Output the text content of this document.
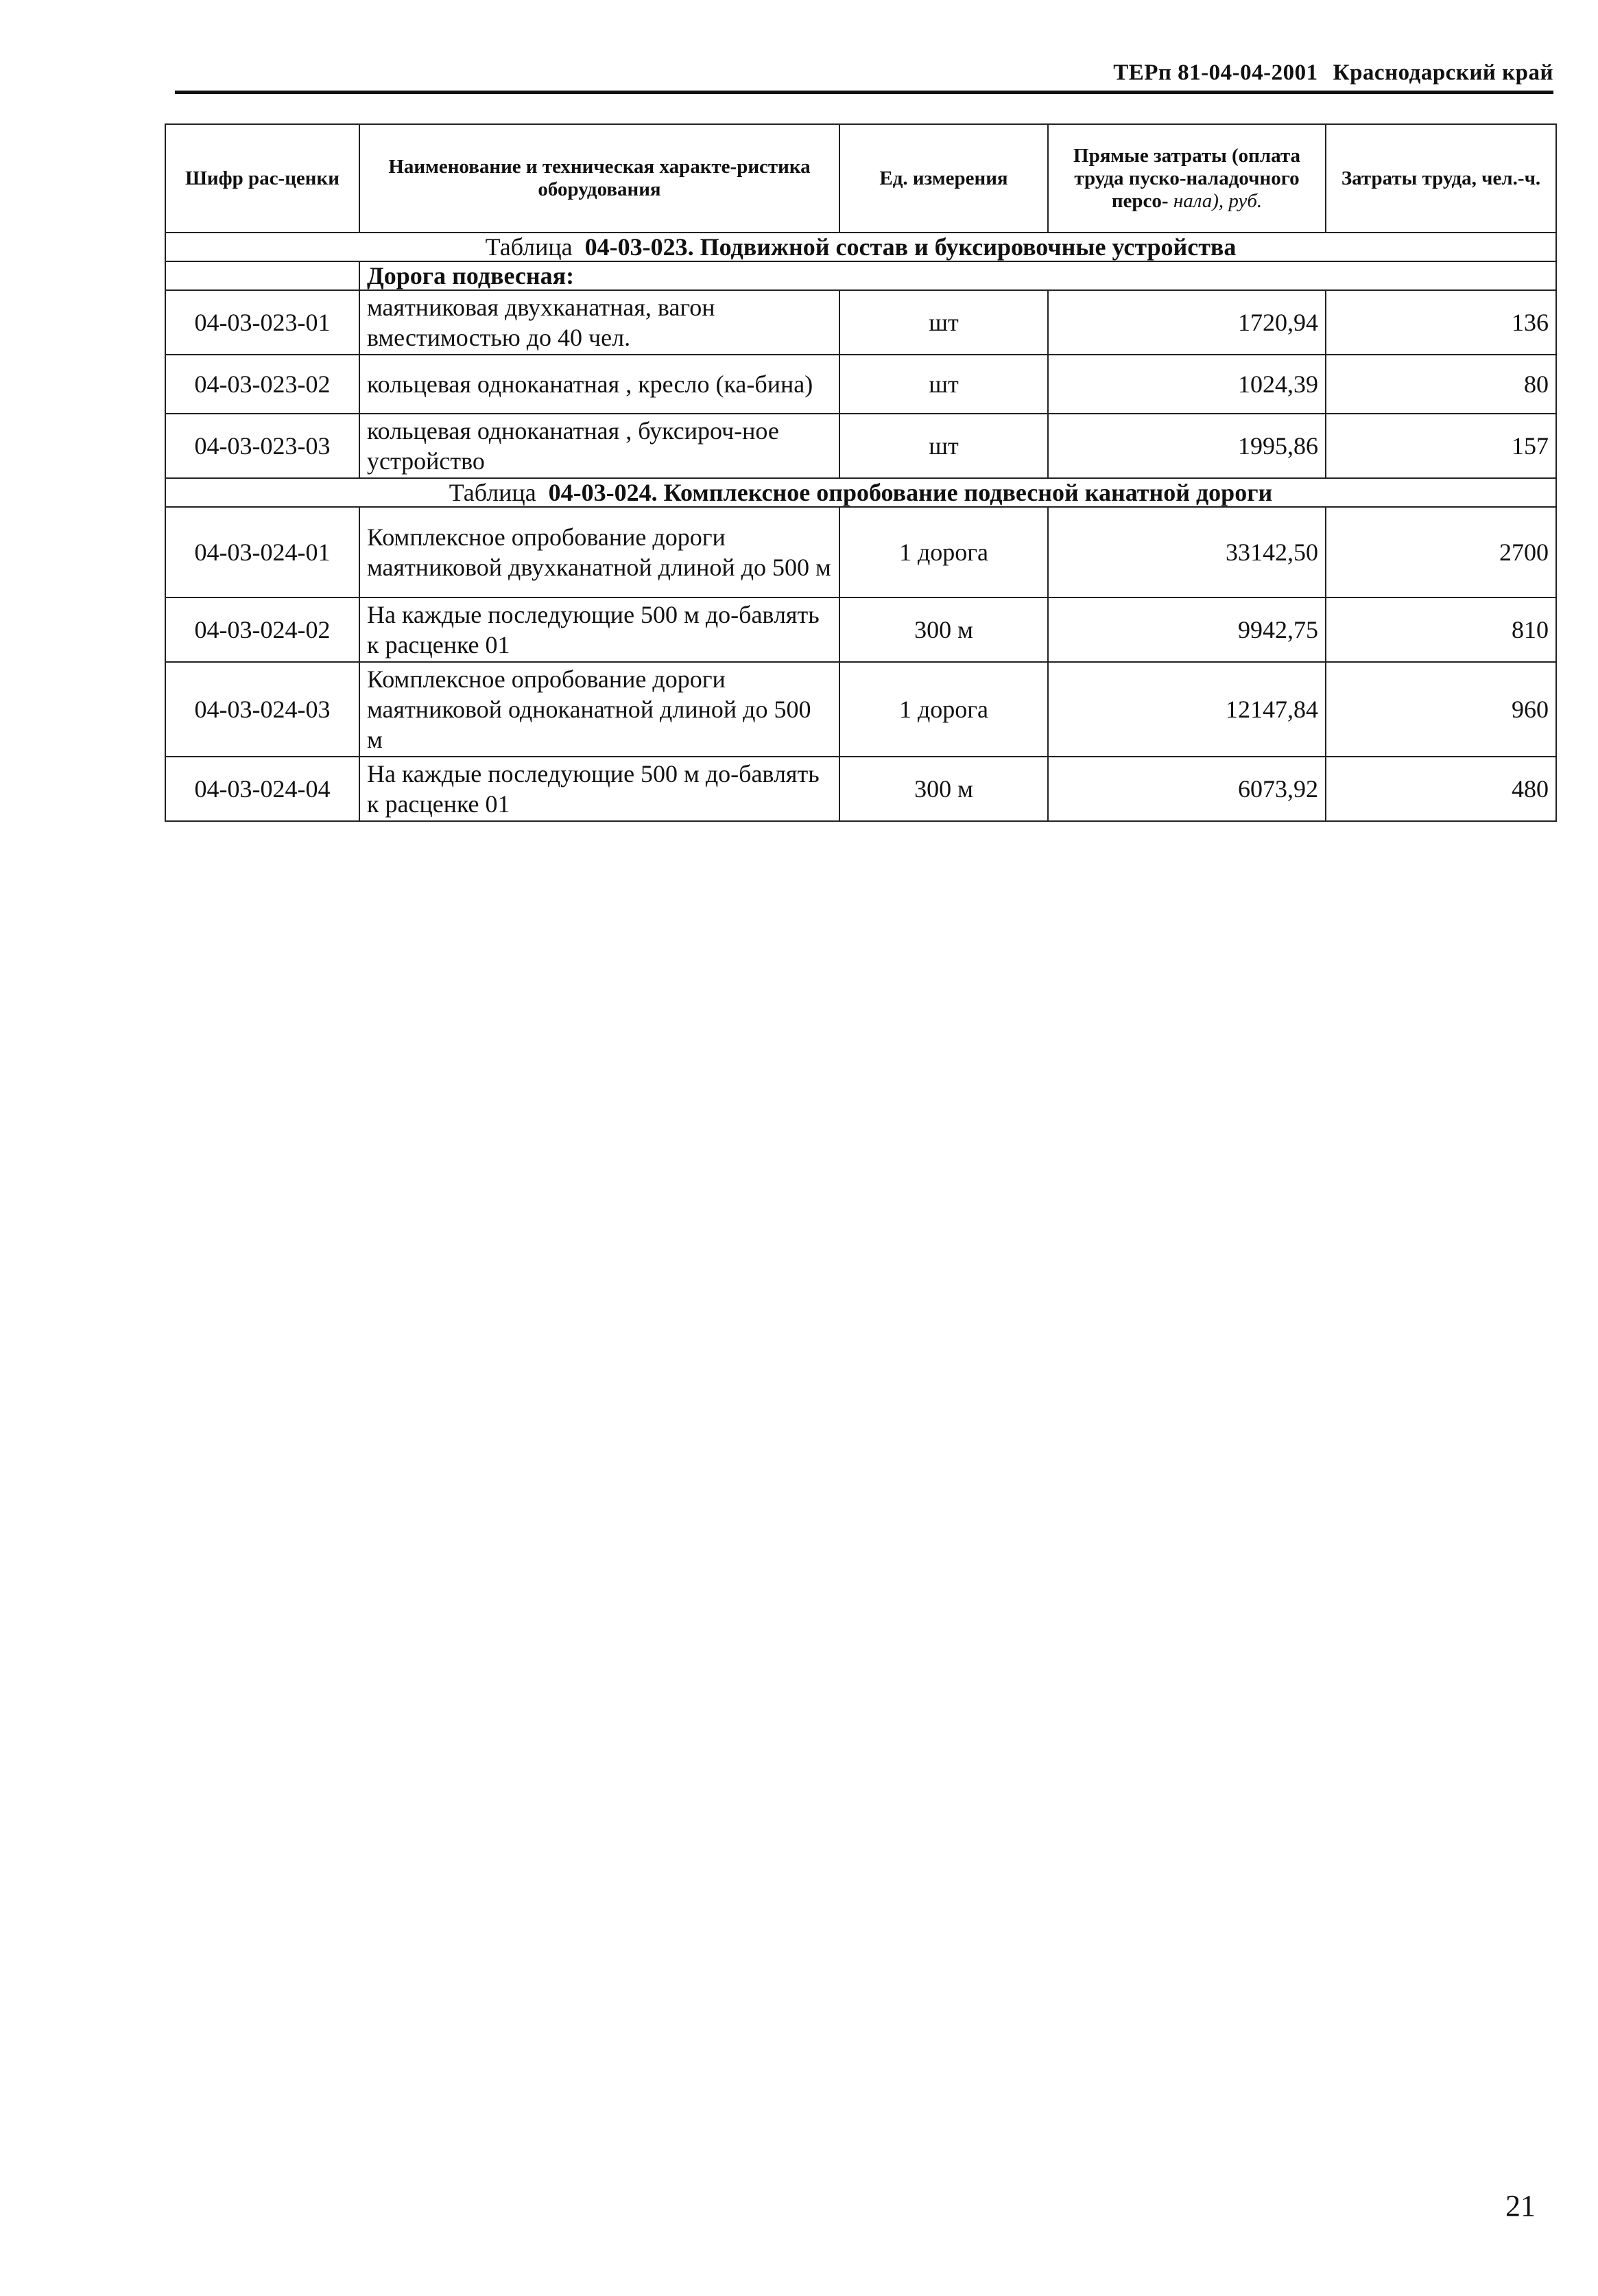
ТЕРп 81-04-04-2001 Краснодарский край
Шифр рас-ценки	Наименование и техническая характе-ристика оборудования	Ед. измерения	Прямые затраты (оплата труда пуско-наладочного персо- нала), руб.	Затраты труда, чел.-ч.
Таблица 04-03-023. Подвижной состав и буксировочные устройства				
	Дорога подвесная:			
04-03-023-01	маятниковая двухканатная, вагон вместимостью до 40 чел.	шт	1720,94	136
04-03-023-02	кольцевая одноканатная , кресло (ка-бина)	шт	1024,39	80
04-03-023-03	кольцевая одноканатная , буксироч-ное устройство	шт	1995,86	157
Таблица 04-03-024. Комплексное опробование подвесной канатной дороги				
04-03-024-01	Комплексное опробование дороги маятниковой двухканатной длиной до 500 м	1 дорога	33142,50	2700
04-03-024-02	На каждые последующие 500 м до-бавлять к расценке 01	300 м	9942,75	810
04-03-024-03	Комплексное опробование дороги маятниковой одноканатной длиной до 500 м	1 дорога	12147,84	960
04-03-024-04	На каждые последующие 500 м до-бавлять к расценке 01	300 м	6073,92	480
21
